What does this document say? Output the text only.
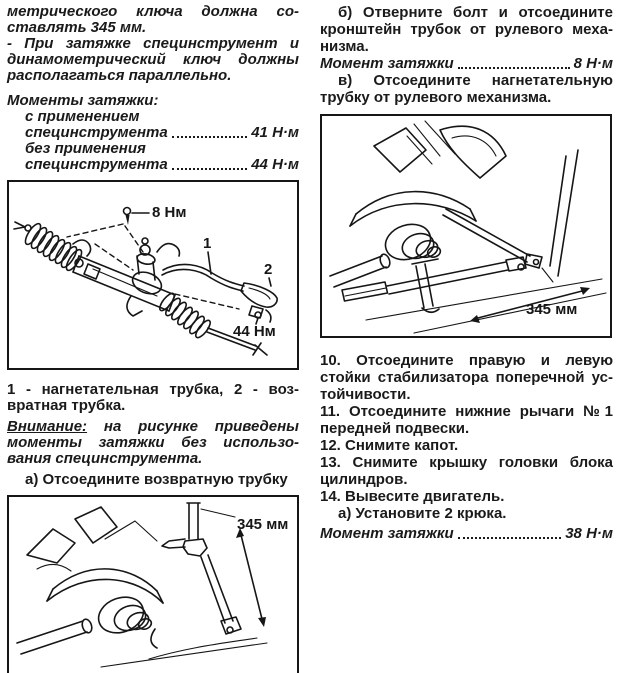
метрического ключа должна со-
ставлять 345 мм.
- При затяжке специнструмент и
динамометрический ключ должны
располагаться параллельно.
Моменты затяжки:
с применением
специнструмента	41 Н·м
без применения
специнструмента	44 Н·м
8 Нм
1
2
44 Нм
1 - нагнетательная трубка, 2 - воз-
вратная трубка.
Внимание: на рисунке приведены
моменты затяжки без использо-
вания специнструмента.
а) Отсоедините возвратную трубку
345 мм
б) Отверните болт и отсоедините
кронштейн трубок от рулевого меха-
низма.
Момент затяжки	8 Н·м
в) Отсоедините нагнетательную
трубку от рулевого механизма.
345 мм
10. Отсоедините правую и левую
стойки стабилизатора поперечной ус-
тойчивости.
11. Отсоедините нижние рычаги №1
передней подвески.
12. Снимите капот.
13. Снимите крышку головки блока
цилиндров.
14. Вывесите двигатель.
а) Установите 2 крюка.
Момент затяжки	38 Н·м
